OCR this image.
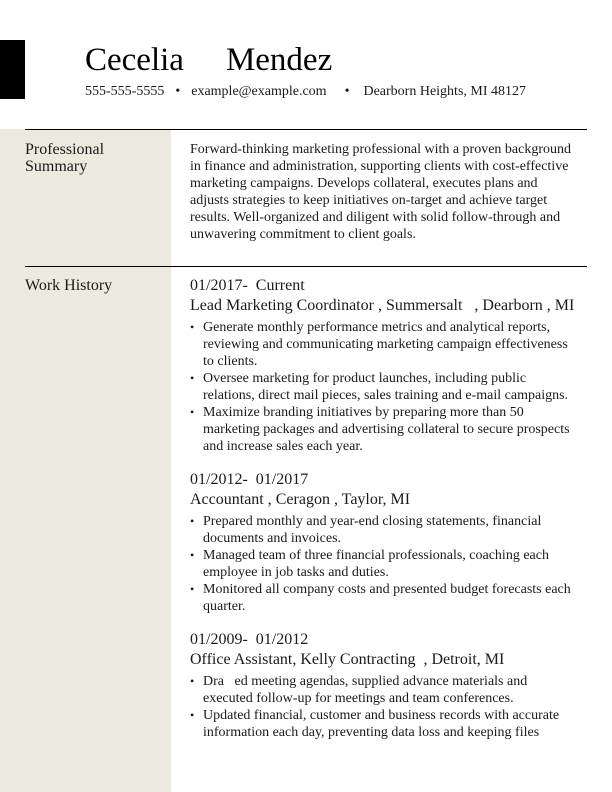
Cecelia Mendez
555-555-5555 • example@example.com • Dearborn Heights, MI 48127
Professional Summary
Forward-thinking marketing professional with a proven background in finance and administration, supporting clients with cost-effective marketing campaigns. Develops collateral, executes plans and adjusts strategies to keep initiatives on-target and achieve target results. Well-organized and diligent with solid follow-through and unwavering commitment to client goals.
Work History	01/2017-  Current
Lead Marketing Coordinator , Summersalt   , Dearborn , MI
• Generate monthly performance metrics and analytical reports, reviewing and communicating marketing campaign effectiveness to clients.
• Oversee marketing for product launches, including public relations, direct mail pieces, sales training and e-mail campaigns.
• Maximize branding initiatives by preparing more than 50 marketing packages and advertising collateral to secure prospects and increase sales each year.
01/2012-  01/2017
Accountant , Ceragon , Taylor, MI
• Prepared monthly and year-end closing statements, financial documents and invoices.
• Managed team of three financial professionals, coaching each employee in job tasks and duties.
• Monitored all company costs and presented budget forecasts each quarter.
01/2009-  01/2012
Office Assistant, Kelly Contracting  , Detroit, MI
• Dra   ed meeting agendas, supplied advance materials and executed follow-up for meetings and team conferences.
• Updated financial, customer and business records with accurate information each day, preventing data loss and keeping files
